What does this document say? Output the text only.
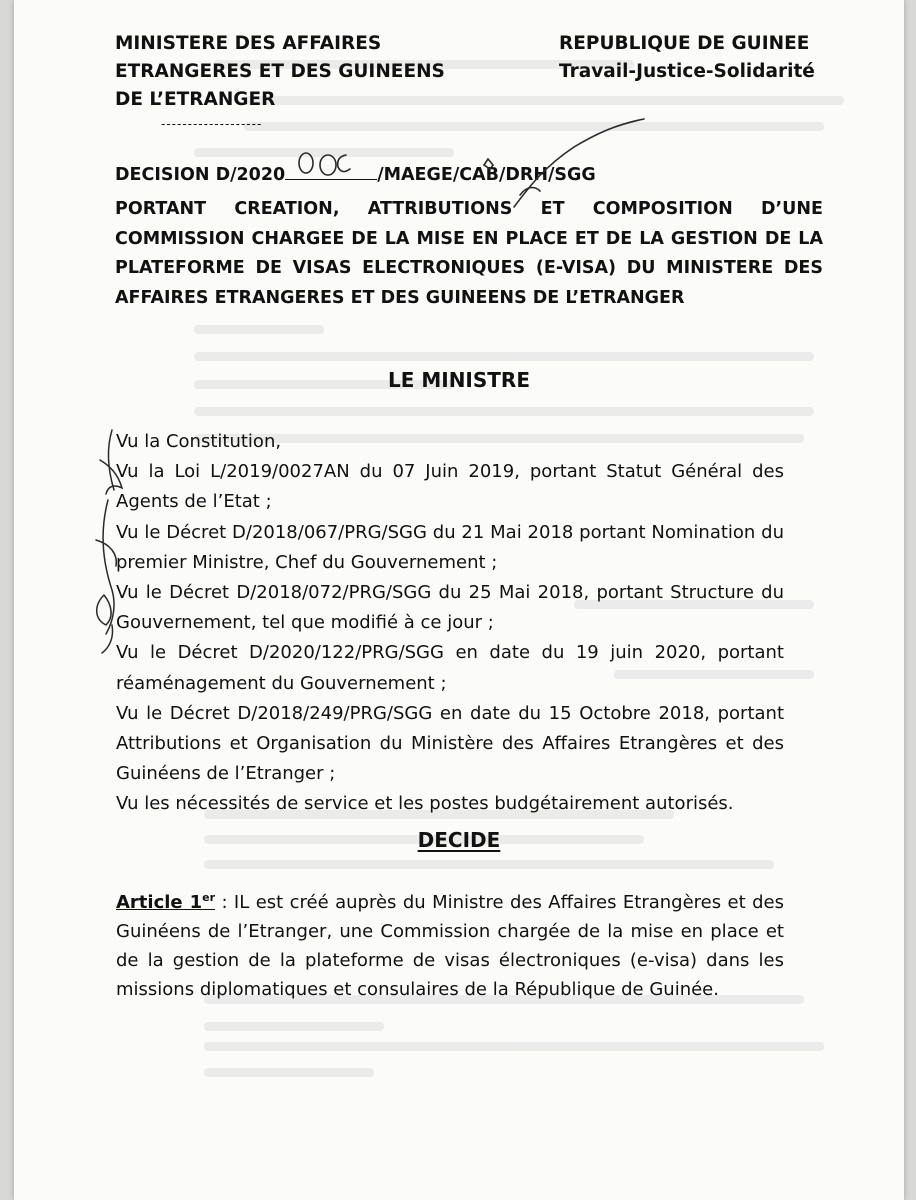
MINISTERE DES AFFAIRES
ETRANGERES ET DES GUINEENS
DE L’ETRANGER
-------------------
REPUBLIQUE DE GUINEE
Travail-Justice-Solidarité
DECISION D/2020	/MAEGE/CAB/DRH/SGG
PORTANT CREATION, ATTRIBUTIONS ET COMPOSITION D’UNE COMMISSION CHARGEE DE LA MISE EN PLACE ET DE LA GESTION DE LA PLATEFORME DE VISAS ELECTRONIQUES (E-VISA) DU MINISTERE DES AFFAIRES ETRANGERES ET DES GUINEENS DE L’ETRANGER
LE MINISTRE

Vu la Constitution,

Vu la Loi L/2019/0027AN du 07 Juin 2019, portant Statut Général des Agents de l’Etat ;

Vu le Décret D/2018/067/PRG/SGG du 21 Mai 2018 portant Nomination du premier Ministre, Chef du Gouvernement ;

Vu le Décret D/2018/072/PRG/SGG du 25 Mai 2018, portant Structure du Gouvernement, tel que modifié à ce jour ;

Vu le Décret D/2020/122/PRG/SGG en date du 19 juin 2020, portant réaménagement du Gouvernement ;

Vu le Décret D/2018/249/PRG/SGG en date du 15 Octobre 2018, portant Attributions et Organisation du Ministère des Affaires Etrangères et des Guinéens de l’Etranger ;

Vu les nécessités de service et les postes budgétairement autorisés.

DECIDE
Article 1er : IL est créé auprès du Ministre des Affaires Etrangères et des Guinéens de l’Etranger, une Commission chargée de la mise en place et de la gestion de la plateforme de visas électroniques (e-visa) dans les missions diplomatiques et consulaires de la République de Guinée.
